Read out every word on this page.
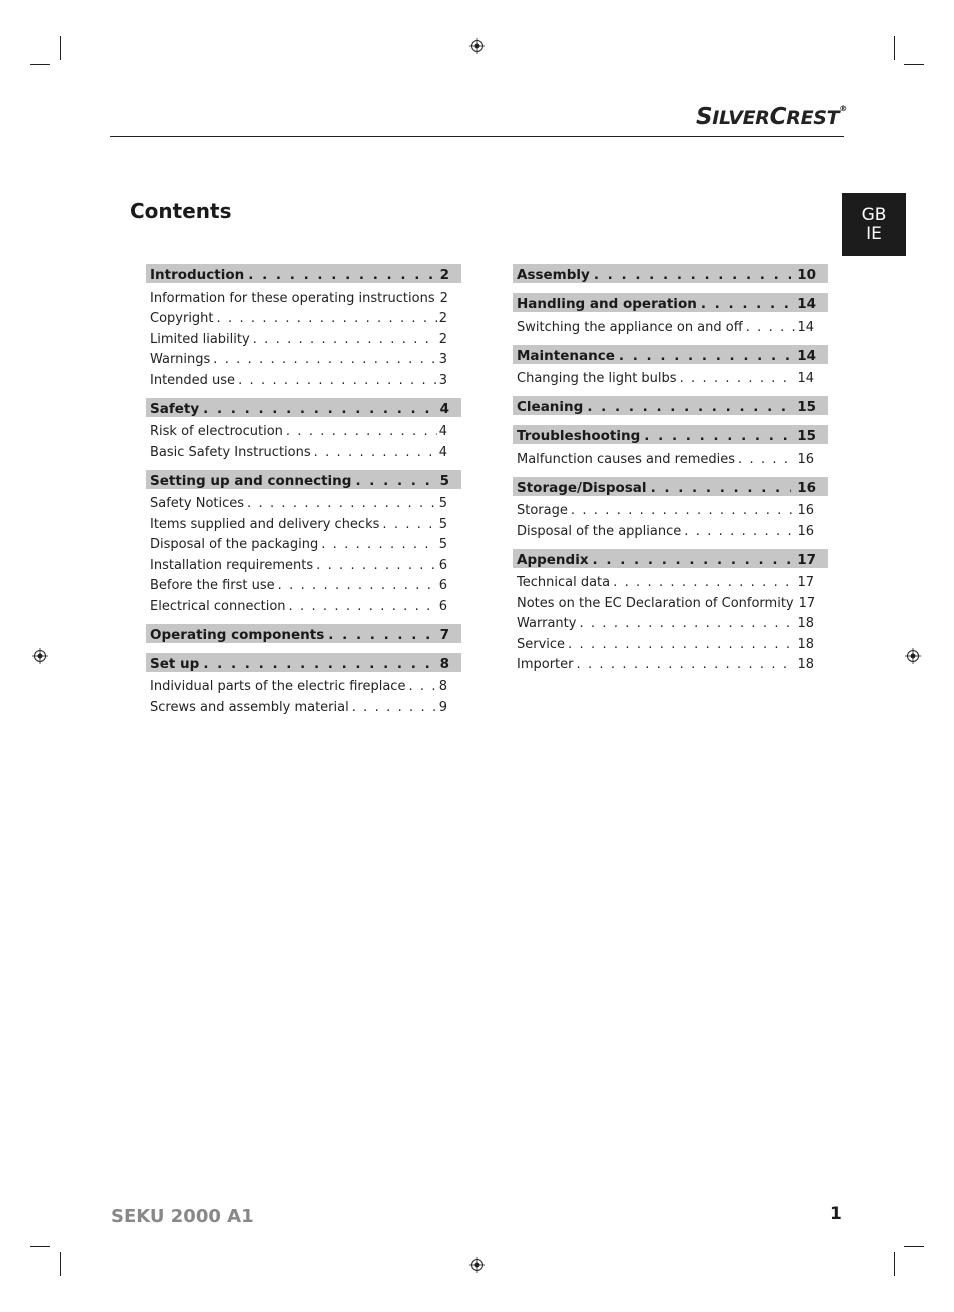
SILVERCREST®
GB
IE
Contents
Introduction . . .	2
Information for these operating instructions 2
Copyright . . .	2
Limited liability . . .	2
Warnings . . .	3
Intended use . . .	3
Safety . . .	4
Risk of electrocution . . .	4
Basic Safety Instructions . . .	4
Setting up and connecting . . .	5
Safety Notices . . .	5
Items supplied and delivery checks . . .	5
Disposal of the packaging . . .	5
Installation requirements . . .	6
Before the first use . . .	6
Electrical connection . . .	6
Operating components . . .	7
Set up . . .	8
Individual parts of the electric fireplace . . .	8
Screws and assembly material . . .	9
Assembly . . .	10
Handling and operation . . .	14
Switching the appliance on and off . . .	14
Maintenance . . .	14
Changing the light bulbs . . .	14
Cleaning . . .	15
Troubleshooting . . .	15
Malfunction causes and remedies . . .	16
Storage/Disposal . . .	16
Storage . . .	16
Disposal of the appliance . . .	16
Appendix . . .	17
Technical data . . .	17
Notes on the EC Declaration of Conformity 17
Warranty . . .	18
Service . . .	18
Importer . . .	18
SEKU 2000 A1	1
